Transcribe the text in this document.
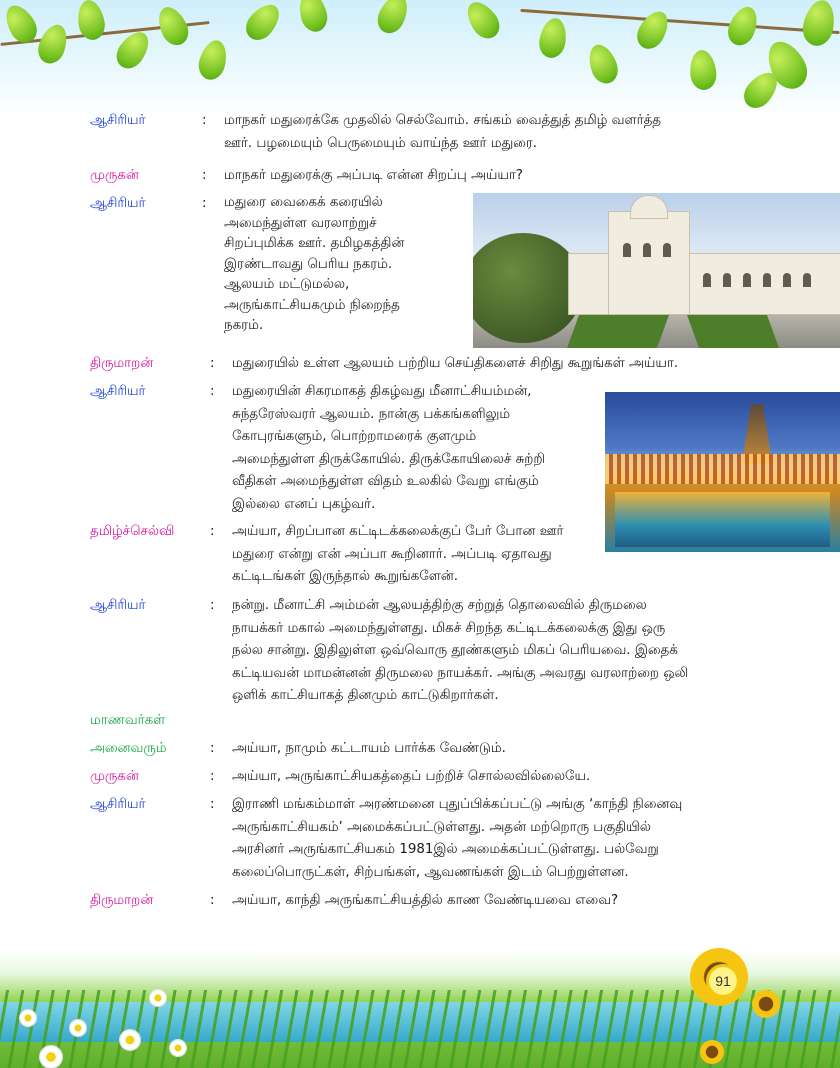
ஆசிரியர்	: மாநகர் மதுரைக்கே முதலில் செல்வோம். சங்கம் வைத்துத் தமிழ் வளர்த்த
ஊர். பழமையும் பெருமையும் வாய்ந்த ஊர் மதுரை.
முருகன்	: மாநகர் மதுரைக்கு அப்படி என்ன சிறப்பு அய்யா?
ஆசிரியர்	: மதுரை வைகைக் கரையில்
அமைந்துள்ள வரலாற்றுச்
சிறப்புமிக்க ஊர். தமிழகத்தின்
இரண்டாவது பெரிய நகரம்.
ஆலயம் மட்டுமல்ல,
அருங்காட்சியகமும் நிறைந்த
நகரம்.
திருமாறன்	: மதுரையில் உள்ள ஆலயம் பற்றிய செய்திகளைச் சிறிது கூறுங்கள் அய்யா.
ஆசிரியர்	: மதுரையின் சிகரமாகத் திகழ்வது மீனாட்சியம்மன்,
சுந்தரேஸ்வரர் ஆலயம். நான்கு பக்கங்களிலும்
கோபுரங்களும், பொற்றாமரைக் குளமும்
அமைந்துள்ள திருக்கோயில். திருக்கோயிலைச் சுற்றி
வீதிகள் அமைந்துள்ள விதம் உலகில் வேறு எங்கும்
இல்லை எனப் புகழ்வர்.
தமிழ்ச்செல்வி	: அய்யா, சிறப்பான கட்டிடக்கலைக்குப் பேர் போன ஊர்
மதுரை என்று என் அப்பா கூறினார். அப்படி ஏதாவது
கட்டிடங்கள் இருந்தால் கூறுங்களேன்.
ஆசிரியர்	: நன்று. மீனாட்சி அம்மன் ஆலயத்திற்கு சற்றுத் தொலைவில் திருமலை
நாயக்கர் மகால் அமைந்துள்ளது. மிகச் சிறந்த கட்டிடக்கலைக்கு இது ஒரு
நல்ல சான்று. இதிலுள்ள ஒவ்வொரு தூண்களும் மிகப் பெரியவை. இதைக்
கட்டியவன் மாமன்னன் திருமலை நாயக்கர். அங்கு அவரது வரலாற்றை ஒலி
ஒளிக் காட்சியாகத் தினமும் காட்டுகிறார்கள்.
மாணவர்கள்
அனைவரும்	: அய்யா, நாமும் கட்டாயம் பார்க்க வேண்டும்.
முருகன்	: அய்யா, அருங்காட்சியகத்தைப் பற்றிச் சொல்லவில்லையே.
ஆசிரியர்	: இராணி மங்கம்மாள் அரண்மனை புதுப்பிக்கப்பட்டு அங்கு ‘காந்தி நினைவு
அருங்காட்சியகம்’ அமைக்கப்பட்டுள்ளது. அதன் மற்றொரு பகுதியில்
அரசினர் அருங்காட்சியகம் 1981இல் அமைக்கப்பட்டுள்ளது. பல்வேறு
கலைப்பொருட்கள், சிற்பங்கள், ஆவணங்கள் இடம் பெற்றுள்ளன.
திருமாறன்	: அய்யா, காந்தி அருங்காட்சியத்தில் காண வேண்டியவை எவை?
91
